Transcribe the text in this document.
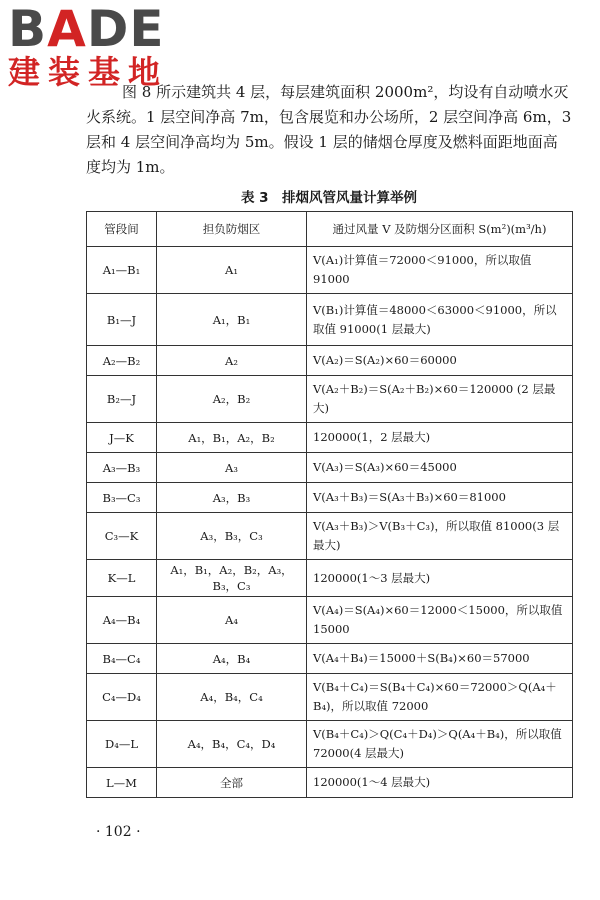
BADE
建装基地

图 8 所示建筑共 4 层，每层建筑面积 2000m²，均设有自动喷水灭火系统。1 层空间净高 7m，包含展览和办公场所，2 层空间净高 6m，3 层和 4 层空间净高均为 5m。假设 1 层的储烟仓厚度及燃料面距地面高度均为 1m。

表 3　排烟风管风量计算举例
管段间	担负防烟区	通过风量 V 及防烟分区面积 S(m²)(m³/h)
A₁—B₁	A₁	V(A₁)计算值＝72000＜91000，所以取值 91000
B₁—J	A₁，B₁	V(B₁)计算值＝48000＜63000＜91000，所以取值 91000(1 层最大)
A₂—B₂	A₂	V(A₂)＝S(A₂)×60＝60000
B₂—J	A₂，B₂	V(A₂＋B₂)＝S(A₂＋B₂)×60＝120000 (2 层最大)
J—K	A₁，B₁，A₂，B₂	120000(1，2 层最大)
A₃—B₃	A₃	V(A₃)＝S(A₃)×60＝45000
B₃—C₃	A₃，B₃	V(A₃＋B₃)＝S(A₃＋B₃)×60＝81000
C₃—K	A₃，B₃，C₃	V(A₃＋B₃)＞V(B₃＋C₃)，所以取值 81000(3 层最大)
K—L	A₁，B₁，A₂，B₂，A₃，B₃，C₃	120000(1～3 层最大)
A₄—B₄	A₄	V(A₄)＝S(A₄)×60＝12000＜15000，所以取值 15000
B₄—C₄	A₄，B₄	V(A₄＋B₄)＝15000＋S(B₄)×60＝57000
C₄—D₄	A₄，B₄，C₄	V(B₄＋C₄)＝S(B₄＋C₄)×60＝72000＞Q(A₄＋B₄)，所以取值 72000
D₄—L	A₄，B₄，C₄，D₄	V(B₄＋C₄)＞Q(C₄＋D₄)＞Q(A₄＋B₄)，所以取值 72000(4 层最大)
L—M	全部	120000(1～4 层最大)
· 102 ·
